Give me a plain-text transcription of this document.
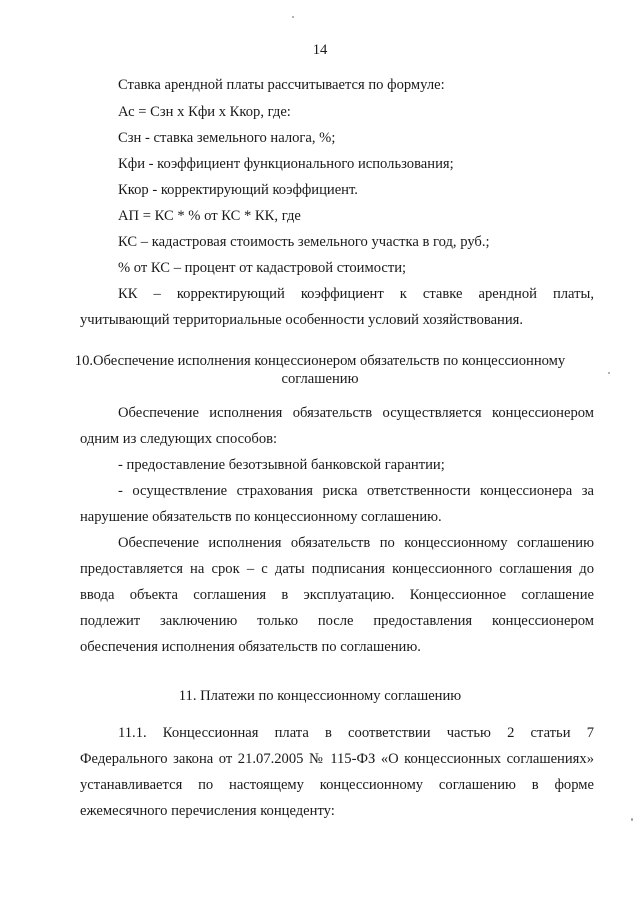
14
Ставка арендной платы рассчитывается по формуле:
Ас = Сзн х Кфи х Ккор, где:
Сзн - ставка земельного налога, %;
Кфи - коэффициент функционального использования;
Ккор - корректирующий коэффициент.
АП = КС * % от КС * КК, где
КС – кадастровая стоимость земельного участка в год, руб.;
% от КС – процент от кадастровой стоимости;
КК – корректирующий коэффициент к ставке арендной платы,
учитывающий территориальные особенности условий хозяйствования.
10.Обеспечение исполнения концессионером обязательств по концессионному
соглашению
Обеспечение исполнения обязательств осуществляется концессионером
одним из следующих способов:
- предоставление безотзывной банковской гарантии;
- осуществление страхования риска ответственности концессионера за
нарушение обязательств по концессионному соглашению.
Обеспечение исполнения обязательств по концессионному соглашению
предоставляется на срок – с даты подписания концессионного соглашения до
ввода объекта соглашения в эксплуатацию. Концессионное соглашение
подлежит заключению только после предоставления концессионером
обеспечения исполнения обязательств по соглашению.
11. Платежи по концессионному соглашению
11.1. Концессионная плата в соответствии частью 2 статьи 7
Федерального закона от 21.07.2005 № 115-ФЗ «О концессионных соглашениях»
устанавливается по настоящему концессионному соглашению в форме
ежемесячного перечисления концеденту:
